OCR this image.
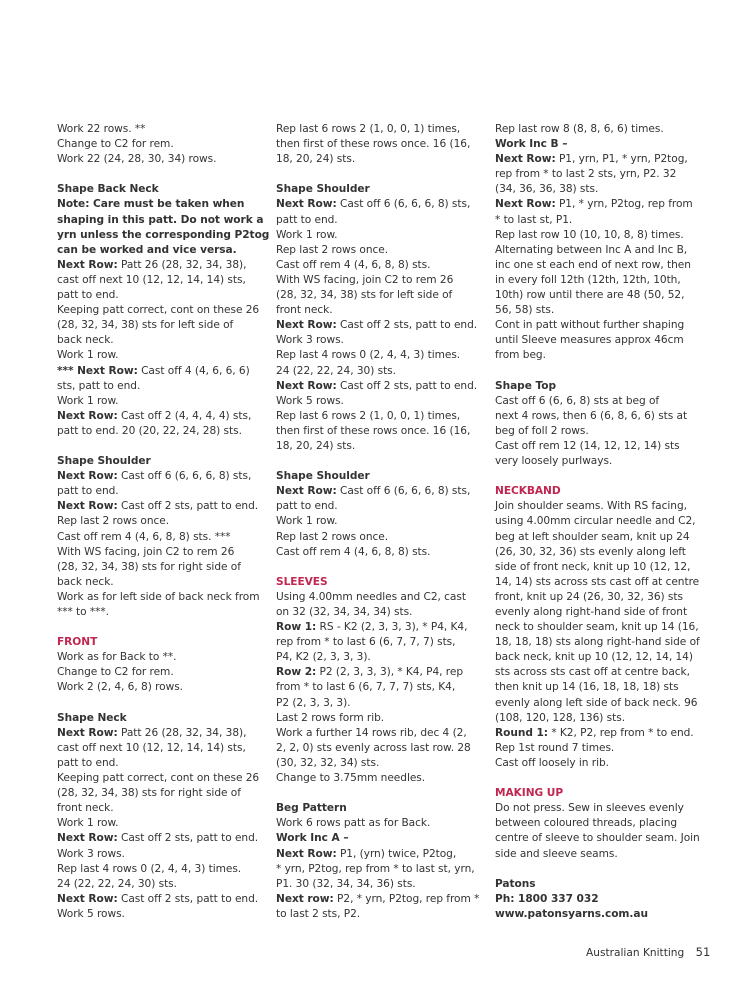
Work 22 rows. **
Change to C2 for rem.
Work 22 (24, 28, 30, 34) rows.
Shape Back Neck
Note: Care must be taken when
shaping in this patt. Do not work a
yrn unless the corresponding P2tog
can be worked and vice versa.
Next Row: Patt 26 (28, 32, 34, 38),
cast off next 10 (12, 12, 14, 14) sts,
patt to end.
Keeping patt correct, cont on these 26
(28, 32, 34, 38) sts for left side of
back neck.
Work 1 row.
*** Next Row: Cast off 4 (4, 6, 6, 6)
sts, patt to end.
Work 1 row.
Next Row: Cast off 2 (4, 4, 4, 4) sts,
patt to end. 20 (20, 22, 24, 28) sts.
Shape Shoulder
Next Row: Cast off 6 (6, 6, 6, 8) sts,
patt to end.
Next Row: Cast off 2 sts, patt to end.
Rep last 2 rows once.
Cast off rem 4 (4, 6, 8, 8) sts. ***
With WS facing, join C2 to rem 26
(28, 32, 34, 38) sts for right side of
back neck.
Work as for left side of back neck from
*** to ***.
FRONT
Work as for Back to **.
Change to C2 for rem.
Work 2 (2, 4, 6, 8) rows.
Shape Neck
Next Row: Patt 26 (28, 32, 34, 38),
cast off next 10 (12, 12, 14, 14) sts,
patt to end.
Keeping patt correct, cont on these 26
(28, 32, 34, 38) sts for right side of
front neck.
Work 1 row.
Next Row: Cast off 2 sts, patt to end.
Work 3 rows.
Rep last 4 rows 0 (2, 4, 4, 3) times.
24 (22, 22, 24, 30) sts.
Next Row: Cast off 2 sts, patt to end.
Work 5 rows.
Rep last 6 rows 2 (1, 0, 0, 1) times,
then first of these rows once. 16 (16,
18, 20, 24) sts.
Shape Shoulder
Next Row: Cast off 6 (6, 6, 6, 8) sts,
patt to end.
Work 1 row.
Rep last 2 rows once.
Cast off rem 4 (4, 6, 8, 8) sts.
With WS facing, join C2 to rem 26
(28, 32, 34, 38) sts for left side of
front neck.
Next Row: Cast off 2 sts, patt to end.
Work 3 rows.
Rep last 4 rows 0 (2, 4, 4, 3) times.
24 (22, 22, 24, 30) sts.
Next Row: Cast off 2 sts, patt to end.
Work 5 rows.
Rep last 6 rows 2 (1, 0, 0, 1) times,
then first of these rows once. 16 (16,
18, 20, 24) sts.
Shape Shoulder
Next Row: Cast off 6 (6, 6, 6, 8) sts,
patt to end.
Work 1 row.
Rep last 2 rows once.
Cast off rem 4 (4, 6, 8, 8) sts.
SLEEVES
Using 4.00mm needles and C2, cast
on 32 (32, 34, 34, 34) sts.
Row 1: RS - K2 (2, 3, 3, 3), * P4, K4,
rep from * to last 6 (6, 7, 7, 7) sts,
P4, K2 (2, 3, 3, 3).
Row 2: P2 (2, 3, 3, 3), * K4, P4, rep
from * to last 6 (6, 7, 7, 7) sts, K4,
P2 (2, 3, 3, 3).
Last 2 rows form rib.
Work a further 14 rows rib, dec 4 (2,
2, 2, 0) sts evenly across last row. 28
(30, 32, 32, 34) sts.
Change to 3.75mm needles.
Beg Pattern
Work 6 rows patt as for Back.
Work Inc A –
Next Row: P1, (yrn) twice, P2tog,
* yrn, P2tog, rep from * to last st, yrn,
P1. 30 (32, 34, 34, 36) sts.
Next row: P2, * yrn, P2tog, rep from *
to last 2 sts, P2.
Rep last row 8 (8, 8, 6, 6) times.
Work Inc B –
Next Row: P1, yrn, P1, * yrn, P2tog,
rep from * to last 2 sts, yrn, P2. 32
(34, 36, 36, 38) sts.
Next Row: P1, * yrn, P2tog, rep from
* to last st, P1.
Rep last row 10 (10, 10, 8, 8) times.
Alternating between Inc A and Inc B,
inc one st each end of next row, then
in every foll 12th (12th, 12th, 10th,
10th) row until there are 48 (50, 52,
56, 58) sts.
Cont in patt without further shaping
until Sleeve measures approx 46cm
from beg.
Shape Top
Cast off 6 (6, 6, 8) sts at beg of
next 4 rows, then 6 (6, 8, 6, 6) sts at
beg of foll 2 rows.
Cast off rem 12 (14, 12, 12, 14) sts
very loosely purlways.
NECKBAND
Join shoulder seams. With RS facing,
using 4.00mm circular needle and C2,
beg at left shoulder seam, knit up 24
(26, 30, 32, 36) sts evenly along left
side of front neck, knit up 10 (12, 12,
14, 14) sts across sts cast off at centre
front, knit up 24 (26, 30, 32, 36) sts
evenly along right-hand side of front
neck to shoulder seam, knit up 14 (16,
18, 18, 18) sts along right-hand side of
back neck, knit up 10 (12, 12, 14, 14)
sts across sts cast off at centre back,
then knit up 14 (16, 18, 18, 18) sts
evenly along left side of back neck. 96
(108, 120, 128, 136) sts.
Round 1: * K2, P2, rep from * to end.
Rep 1st round 7 times.
Cast off loosely in rib.
MAKING UP
Do not press. Sew in sleeves evenly
between coloured threads, placing
centre of sleeve to shoulder seam. Join
side and sleeve seams.
Patons
Ph: 1800 337 032
www.patonsyarns.com.au
Australian Knitting 51
